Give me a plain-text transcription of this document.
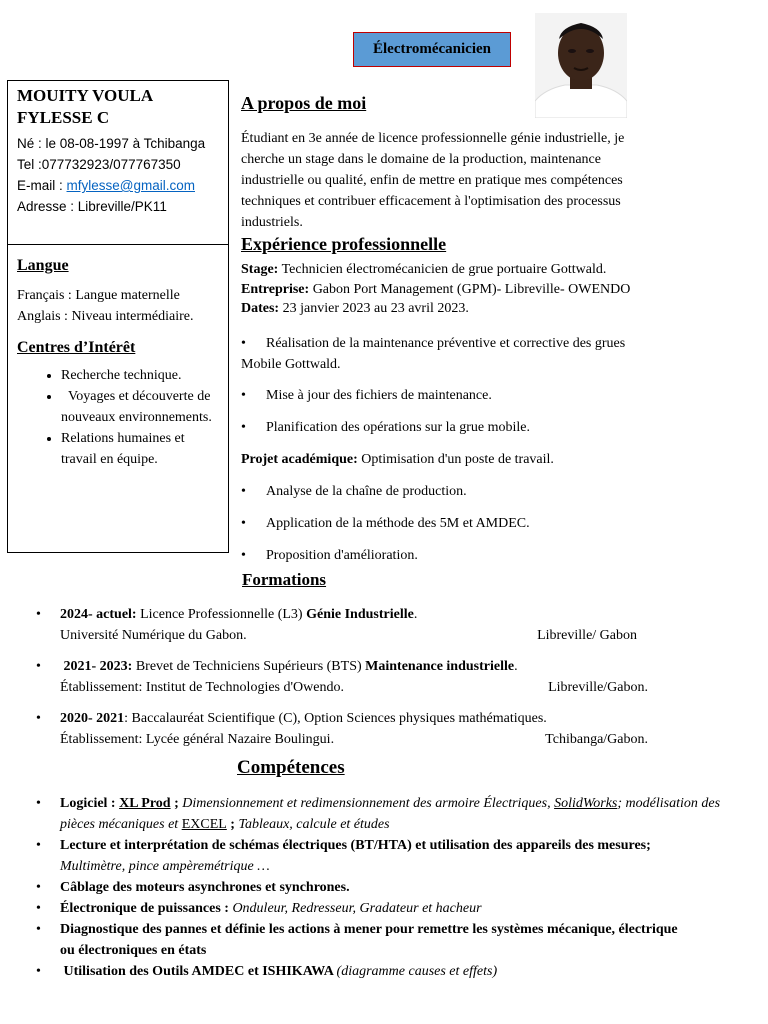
Électromécanicien
MOUITY VOULA
FYLESSE C
Né : le 08-08-1997 à Tchibanga
Tel :077732923/077767350
E-mail : mfylesse@gmail.com
Adresse : Libreville/PK11
Langue
Français : Langue maternelle
Anglais : Niveau intermédiaire.
Centres d’Intérêt
• Recherche technique.
•   Voyages et découverte de nouveaux environnements.
• Relations humaines et travail en équipe.
A propos de moi
Étudiant en 3e année de licence professionnelle génie industrielle, je cherche un stage dans le domaine de la production, maintenance industrielle ou qualité, enfin de mettre en pratique mes compétences techniques et contribuer efficacement à l'optimisation des processus industriels.
Expérience professionnelle
Stage: Technicien électromécanicien de grue portuaire Gottwald.
Entreprise: Gabon Port Management (GPM)- Libreville- OWENDO
Dates: 23 janvier 2023 au 23 avril 2023.
• Réalisation de la maintenance préventive et corrective des grues Mobile Gottwald.
• Mise à jour des fichiers de maintenance.
• Planification des opérations sur la grue mobile.
Projet académique: Optimisation d'un poste de travail.
• Analyse de la chaîne de production.
• Application de la méthode des 5M et AMDEC.
• Proposition d'amélioration.
Formations
• 2024- actuel: Licence Professionnelle (L3) Génie Industrielle.
Université Numérique du Gabon.	Libreville/ Gabon
• 2021- 2023: Brevet de Techniciens Supérieurs (BTS) Maintenance industrielle.
Établissement: Institut de Technologies d'Owendo.	Libreville/Gabon.
• 2020- 2021: Baccalauréat Scientifique (C), Option Sciences physiques mathématiques.
Établissement: Lycée général Nazaire Boulingui.	Tchibanga/Gabon.
Compétences
• Logiciel : XL Prod ; Dimensionnement et redimensionnement des armoire Électriques, SolidWorks; modélisation des pièces mécaniques et EXCEL ; Tableaux, calcule et études
• Lecture et interprétation de schémas électriques (BT/HTA) et utilisation des appareils des mesures;
Multimètre, pince ampèremétrique …
• Câblage des moteurs asynchrones et synchrones.
• Électronique de puissances : Onduleur, Redresseur, Gradateur et hacheur
• Diagnostique des pannes et définie les actions à mener pour remettre les systèmes mécanique, électrique ou électroniques en états
• Utilisation des Outils AMDEC et ISHIKAWA (diagramme causes et effets)
